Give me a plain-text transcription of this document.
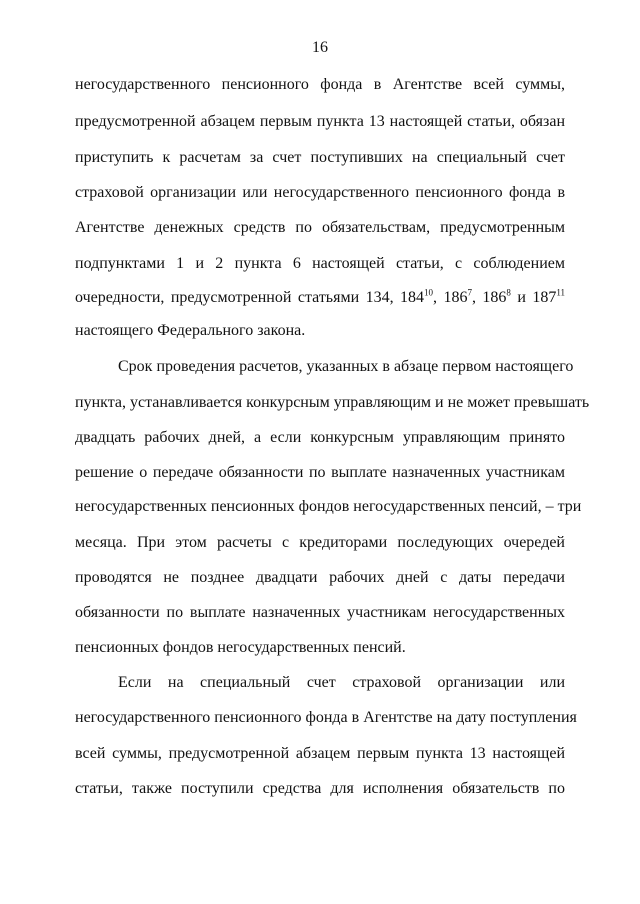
16
негосударственного пенсионного фонда в Агентстве всей суммы,
предусмотренной абзацем первым пункта 13 настоящей статьи, обязан
приступить к расчетам за счет поступивших на специальный счет
страховой организации или негосударственного пенсионного фонда в
Агентстве денежных средств по обязательствам, предусмотренным
подпунктами 1 и 2 пункта 6 настоящей статьи, с соблюдением
очередности, предусмотренной статьями 134, $184^{10}$, $186^7$, $186^8$ и $187^{11}$
настоящего Федерального закона.
Срок проведения расчетов, указанных в абзаце первом настоящего
пункта, устанавливается конкурсным управляющим и не может превышать
двадцать рабочих дней, а если конкурсным управляющим принято
решение о передаче обязанности по выплате назначенных участникам
негосударственных пенсионных фондов негосударственных пенсий, – три
месяца. При этом расчеты с кредиторами последующих очередей
проводятся не позднее двадцати рабочих дней с даты передачи
обязанности по выплате назначенных участникам негосударственных
пенсионных фондов негосударственных пенсий.
Если на специальный счет страховой организации или
негосударственного пенсионного фонда в Агентстве на дату поступления
всей суммы, предусмотренной абзацем первым пункта 13 настоящей
статьи, также поступили средства для исполнения обязательств по
